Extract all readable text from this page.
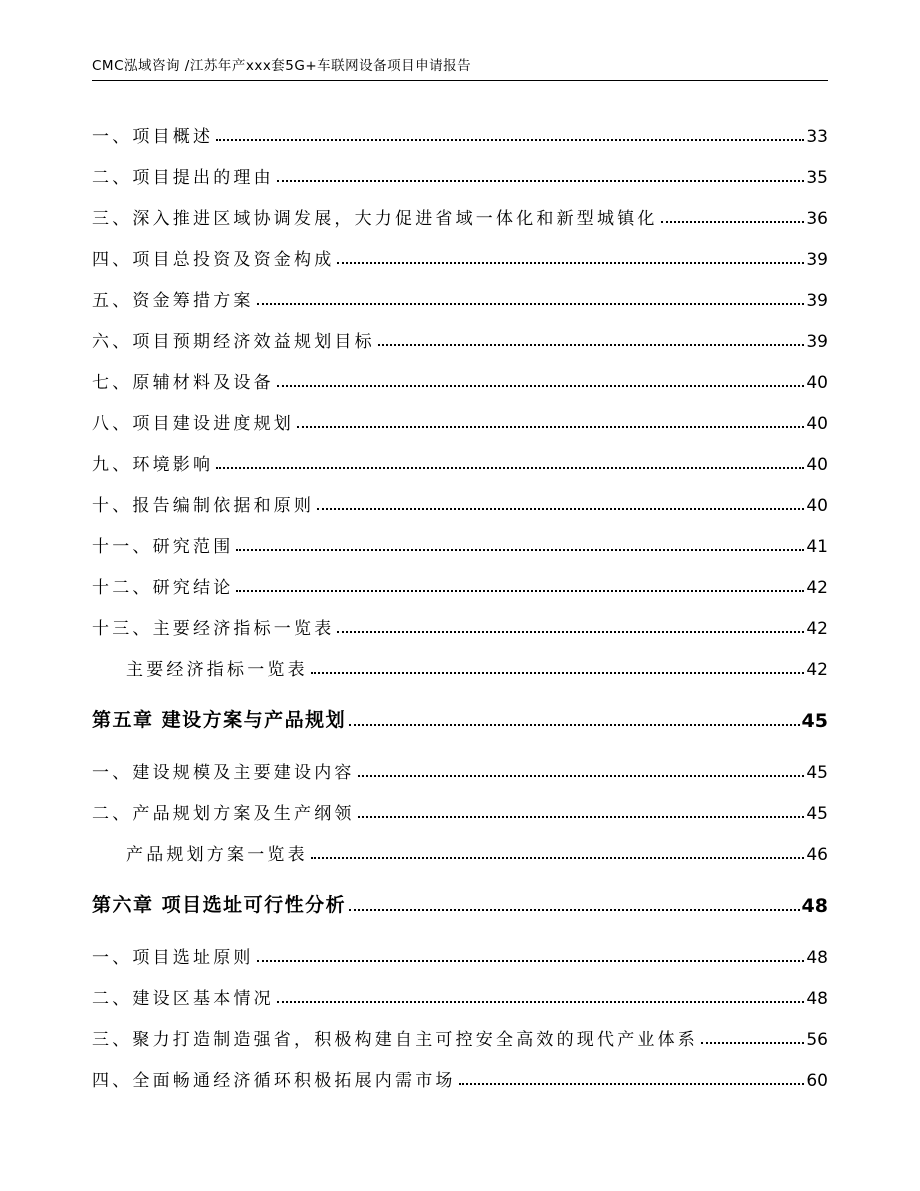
CMC泓域咨询 /江苏年产xxx套5G+车联网设备项目申请报告
一、项目概述	33
二、项目提出的理由	35
三、深入推进区域协调发展，大力促进省域一体化和新型城镇化	36
四、项目总投资及资金构成	39
五、资金筹措方案	39
六、项目预期经济效益规划目标	39
七、原辅材料及设备	40
八、项目建设进度规划	40
九、环境影响	40
十、报告编制依据和原则	40
十一、研究范围	41
十二、研究结论	42
十三、主要经济指标一览表	42
主要经济指标一览表	42
第五章 建设方案与产品规划	45
一、建设规模及主要建设内容	45
二、产品规划方案及生产纲领	45
产品规划方案一览表	46
第六章 项目选址可行性分析	48
一、项目选址原则	48
二、建设区基本情况	48
三、聚力打造制造强省，积极构建自主可控安全高效的现代产业体系	56
四、全面畅通经济循环积极拓展内需市场	60
